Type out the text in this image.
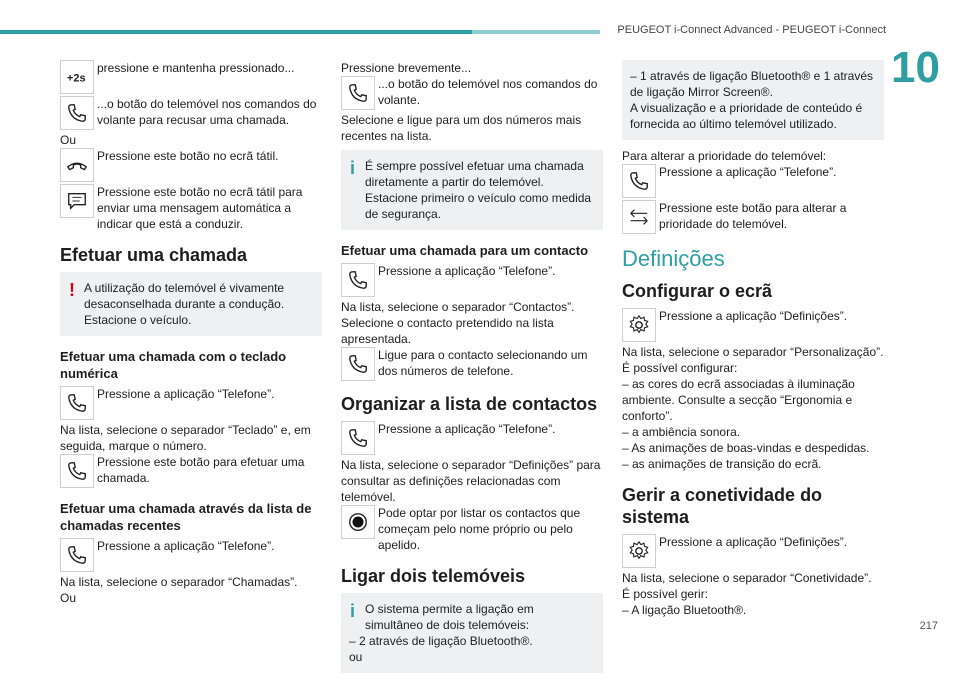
PEUGEOT i-Connect Advanced - PEUGEOT i-Connect
10
+2s
pressione e mantenha pressionado...
...o botão do telemóvel nos comandos do volante para recusar uma chamada.
Ou
Pressione este botão no ecrã tátil.
Pressione este botão no ecrã tátil para enviar uma mensagem automática a indicar que está a conduzir.
Efetuar uma chamada
! A utilização do telemóvel é vivamente desaconselhada durante a condução. Estacione o veículo.
Efetuar uma chamada com o teclado numérica
Pressione a aplicação “Telefone”.
Na lista, selecione o separador “Teclado” e, em seguida, marque o número.
Pressione este botão para efetuar uma chamada.
Efetuar uma chamada através da lista de chamadas recentes
Pressione a aplicação “Telefone”.
Na lista, selecione o separador “Chamadas”.
Ou
Pressione brevemente...
...o botão do telemóvel nos comandos do volante.
Selecione e ligue para um dos números mais recentes na lista.
i É sempre possível efetuar uma chamada diretamente a partir do telemóvel. Estacione primeiro o veículo como medida de segurança.
Efetuar uma chamada para um contacto
Pressione a aplicação “Telefone”.
Na lista, selecione o separador “Contactos”. Selecione o contacto pretendido na lista apresentada.
Ligue para o contacto selecionando um dos números de telefone.
Organizar a lista de contactos
Pressione a aplicação “Telefone”.
Na lista, selecione o separador “Definições” para consultar as definições relacionadas com telemóvel.
Pode optar por listar os contactos que começam pelo nome próprio ou pelo apelido.
Ligar dois telemóveis
i O sistema permite a ligação em simultâneo de dois telemóveis:
– 2 através de ligação Bluetooth®.
ou
– 1 através de ligação Bluetooth® e 1 através de ligação Mirror Screen®.
A visualização e a prioridade de conteúdo é fornecida ao último telemóvel utilizado.
Para alterar a prioridade do telemóvel:
Pressione a aplicação “Telefone”.
Pressione este botão para alterar a prioridade do telemóvel.
Definições
Configurar o ecrã
Pressione a aplicação “Definições”.
Na lista, selecione o separador “Personalização”.
É possível configurar:
– as cores do ecrã associadas à iluminação ambiente. Consulte a secção “Ergonomia e conforto”.
– a ambiência sonora.
– As animações de boas-vindas e despedidas.
– as animações de transição do ecrã.
Gerir a conetividade do sistema
Pressione a aplicação “Definições”.
Na lista, selecione o separador “Conetividade”.
É possível gerir:
– A ligação Bluetooth®.
217
